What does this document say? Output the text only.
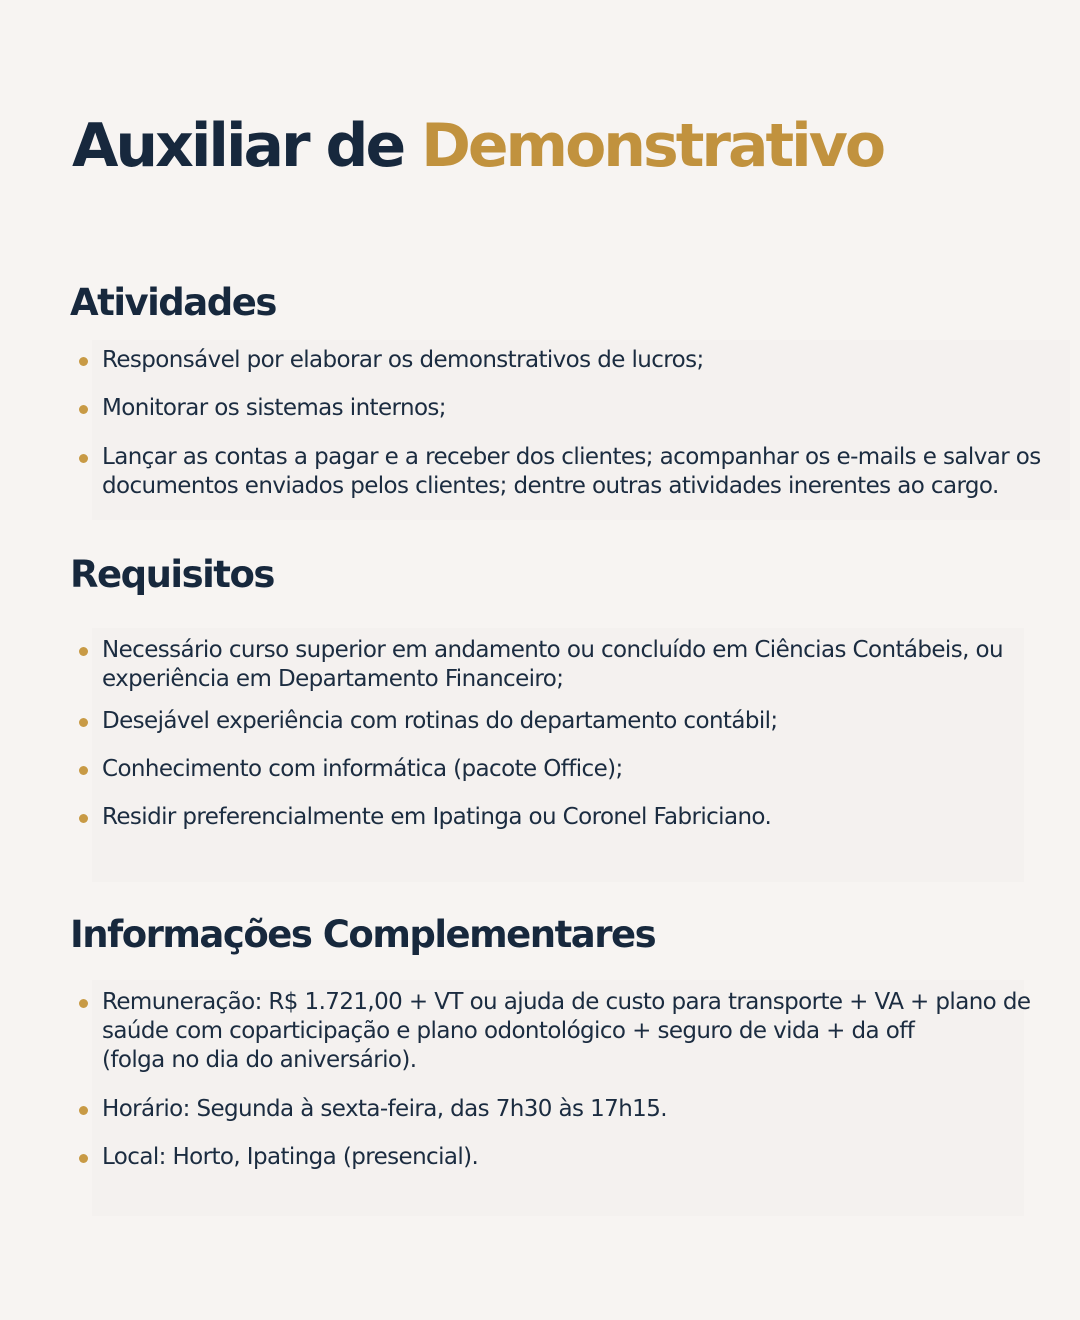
Auxiliar de Demonstrativo
Atividades
Responsável por elaborar os demonstrativos de lucros;
Monitorar os sistemas internos;
Lançar as contas a pagar e a receber dos clientes; acompanhar os e-mails e salvar os documentos enviados pelos clientes; dentre outras atividades inerentes ao cargo.
Requisitos
Necessário curso superior em andamento ou concluído em Ciências Contábeis, ou experiência em Departamento Financeiro;
Desejável experiência com rotinas do departamento contábil;
Conhecimento com informática (pacote Office);
Residir preferencialmente em Ipatinga ou Coronel Fabriciano.
Informações Complementares
Remuneração: R$ 1.721,00 + VT ou ajuda de custo para transporte + VA + plano de saúde com coparticipação e plano odontológico + seguro de vida + da off
(folga no dia do aniversário).
Horário: Segunda à sexta-feira, das 7h30 às 17h15.
Local: Horto, Ipatinga (presencial).
